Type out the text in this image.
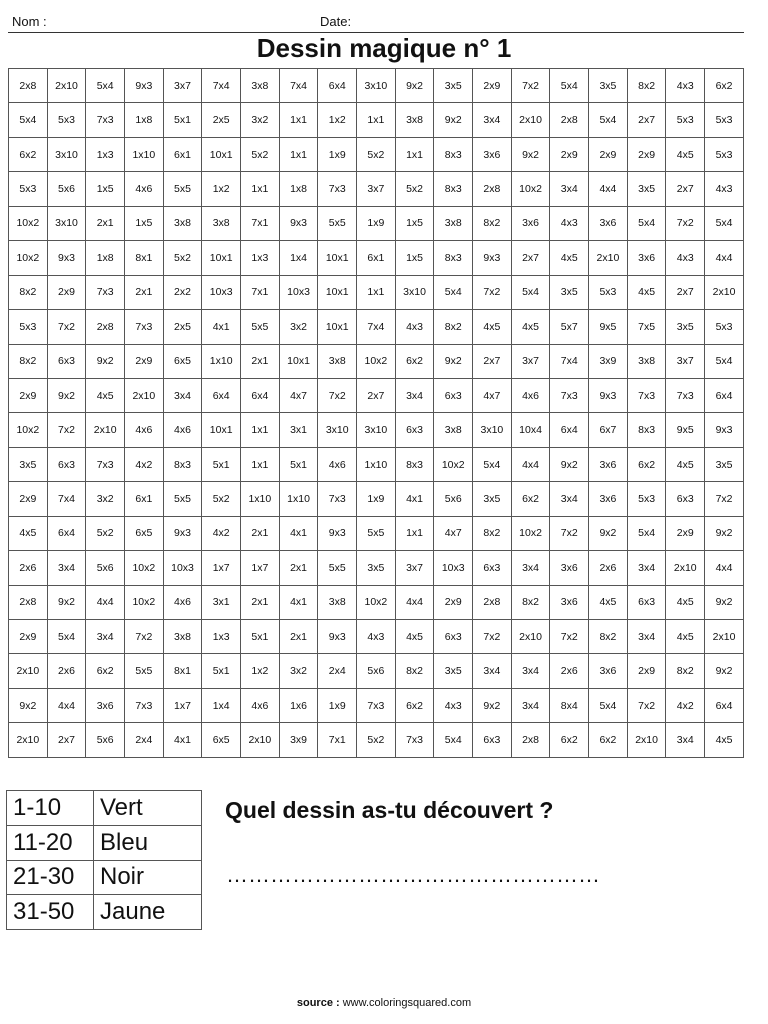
Nom :	Date:
Dessin magique n° 1
2x8	2x10	5x4	9x3	3x7	7x4	3x8	7x4	6x4	3x10	9x2	3x5	2x9	7x2	5x4	3x5	8x2	4x3	6x2
5x4	5x3	7x3	1x8	5x1	2x5	3x2	1x1	1x2	1x1	3x8	9x2	3x4	2x10	2x8	5x4	2x7	5x3	5x3
6x2	3x10	1x3	1x10	6x1	10x1	5x2	1x1	1x9	5x2	1x1	8x3	3x6	9x2	2x9	2x9	2x9	4x5	5x3
5x3	5x6	1x5	4x6	5x5	1x2	1x1	1x8	7x3	3x7	5x2	8x3	2x8	10x2	3x4	4x4	3x5	2x7	4x3
10x2	3x10	2x1	1x5	3x8	3x8	7x1	9x3	5x5	1x9	1x5	3x8	8x2	3x6	4x3	3x6	5x4	7x2	5x4
10x2	9x3	1x8	8x1	5x2	10x1	1x3	1x4	10x1	6x1	1x5	8x3	9x3	2x7	4x5	2x10	3x6	4x3	4x4
8x2	2x9	7x3	2x1	2x2	10x3	7x1	10x3	10x1	1x1	3x10	5x4	7x2	5x4	3x5	5x3	4x5	2x7	2x10
5x3	7x2	2x8	7x3	2x5	4x1	5x5	3x2	10x1	7x4	4x3	8x2	4x5	4x5	5x7	9x5	7x5	3x5	5x3
8x2	6x3	9x2	2x9	6x5	1x10	2x1	10x1	3x8	10x2	6x2	9x2	2x7	3x7	7x4	3x9	3x8	3x7	5x4
2x9	9x2	4x5	2x10	3x4	6x4	6x4	4x7	7x2	2x7	3x4	6x3	4x7	4x6	7x3	9x3	7x3	7x3	6x4
10x2	7x2	2x10	4x6	4x6	10x1	1x1	3x1	3x10	3x10	6x3	3x8	3x10	10x4	6x4	6x7	8x3	9x5	9x3
3x5	6x3	7x3	4x2	8x3	5x1	1x1	5x1	4x6	1x10	8x3	10x2	5x4	4x4	9x2	3x6	6x2	4x5	3x5
2x9	7x4	3x2	6x1	5x5	5x2	1x10	1x10	7x3	1x9	4x1	5x6	3x5	6x2	3x4	3x6	5x3	6x3	7x2
4x5	6x4	5x2	6x5	9x3	4x2	2x1	4x1	9x3	5x5	1x1	4x7	8x2	10x2	7x2	9x2	5x4	2x9	9x2
2x6	3x4	5x6	10x2	10x3	1x7	1x7	2x1	5x5	3x5	3x7	10x3	6x3	3x4	3x6	2x6	3x4	2x10	4x4
2x8	9x2	4x4	10x2	4x6	3x1	2x1	4x1	3x8	10x2	4x4	2x9	2x8	8x2	3x6	4x5	6x3	4x5	9x2
2x9	5x4	3x4	7x2	3x8	1x3	5x1	2x1	9x3	4x3	4x5	6x3	7x2	2x10	7x2	8x2	3x4	4x5	2x10
2x10	2x6	6x2	5x5	8x1	5x1	1x2	3x2	2x4	5x6	8x2	3x5	3x4	3x4	2x6	3x6	2x9	8x2	9x2
9x2	4x4	3x6	7x3	1x7	1x4	4x6	1x6	1x9	7x3	6x2	4x3	9x2	3x4	8x4	5x4	7x2	4x2	6x4
2x10	2x7	5x6	2x4	4x1	6x5	2x10	3x9	7x1	5x2	7x3	5x4	6x3	2x8	6x2	6x2	2x10	3x4	4x5
1-10	Vert
11-20	Bleu
21-30	Noir
31-50	Jaune
Quel dessin as-tu découvert ?
……………………………………………
source : www.coloringsquared.com
